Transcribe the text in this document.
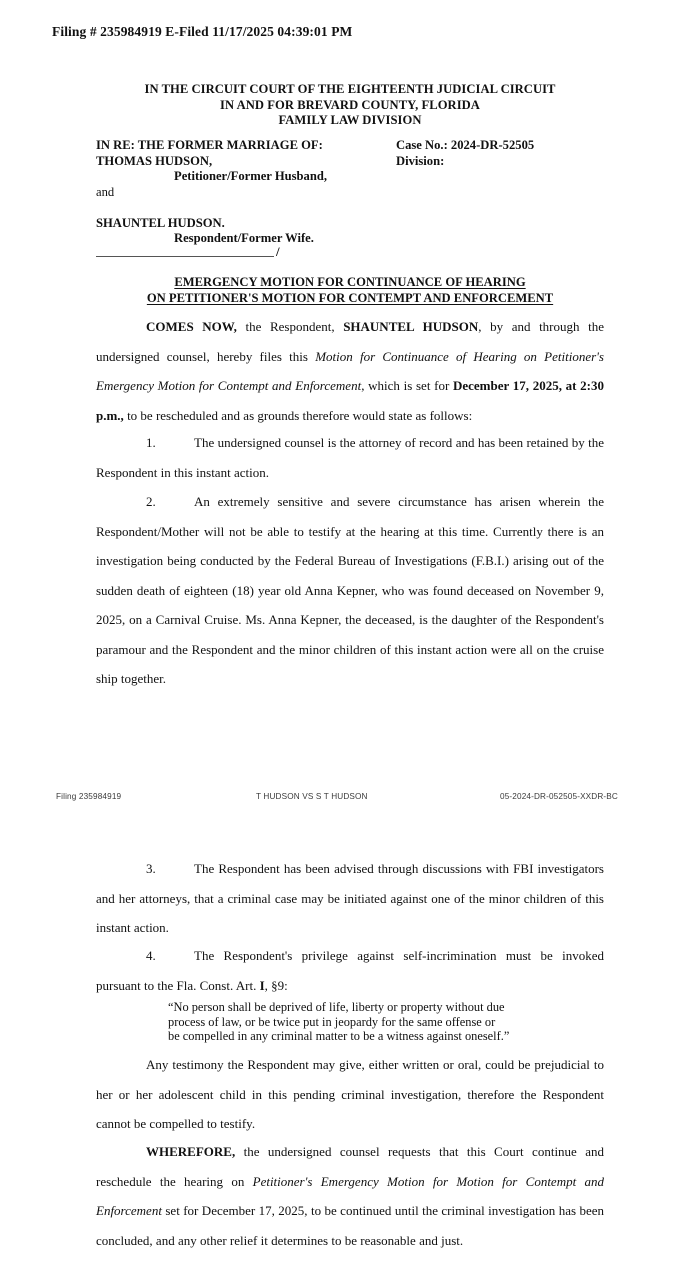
Filing # 235984919 E-Filed 11/17/2025 04:39:01 PM
IN THE CIRCUIT COURT OF THE EIGHTEENTH JUDICIAL CIRCUIT
IN AND FOR BREVARD COUNTY, FLORIDA
FAMILY LAW DIVISION
IN RE: THE FORMER MARRIAGE OF:
THOMAS HUDSON,
Petitioner/Former Husband,
and
SHAUNTEL HUDSON.
Respondent/Former Wife.
/
Case No.: 2024-DR-52505
Division:
EMERGENCY MOTION FOR CONTINUANCE OF HEARING
ON PETITIONER'S MOTION FOR CONTEMPT AND ENFORCEMENT

COMES NOW, the Respondent, SHAUNTEL HUDSON, by and through the undersigned counsel, hereby files this Motion for Continuance of Hearing on Petitioner's Emergency Motion for Contempt and Enforcement, which is set for December 17, 2025, at 2:30 p.m., to be rescheduled and as grounds therefore would state as follows:

1.	The undersigned counsel is the attorney of record and has been retained by the Respondent in this instant action.

2.	An extremely sensitive and severe circumstance has arisen wherein the Respondent/Mother will not be able to testify at the hearing at this time. Currently there is an investigation being conducted by the Federal Bureau of Investigations (F.B.I.) arising out of the sudden death of eighteen (18) year old Anna Kepner, who was found deceased on November 9, 2025, on a Carnival Cruise. Ms. Anna Kepner, the deceased, is the daughter of the Respondent's paramour and the Respondent and the minor children of this instant action were all on the cruise ship together.

Filing 235984919	T HUDSON VS S T HUDSON	05-2024-DR-052505-XXDR-BC

3.	The Respondent has been advised through discussions with FBI investigators and her attorneys, that a criminal case may be initiated against one of the minor children of this instant action.

4.	The Respondent's privilege against self-incrimination must be invoked pursuant to the Fla. Const. Art. I, §9:

“No person shall be deprived of life, liberty or property without due
process of law, or be twice put in jeopardy for the same offense or
be compelled in any criminal matter to be a witness against oneself.”

Any testimony the Respondent may give, either written or oral, could be prejudicial to her or her adolescent child in this pending criminal investigation, therefore the Respondent cannot be compelled to testify.

WHEREFORE, the undersigned counsel requests that this Court continue and reschedule the hearing on Petitioner's Emergency Motion for Motion for Contempt and Enforcement set for December 17, 2025, to be continued until the criminal investigation has been concluded, and any other relief it determines to be reasonable and just.
